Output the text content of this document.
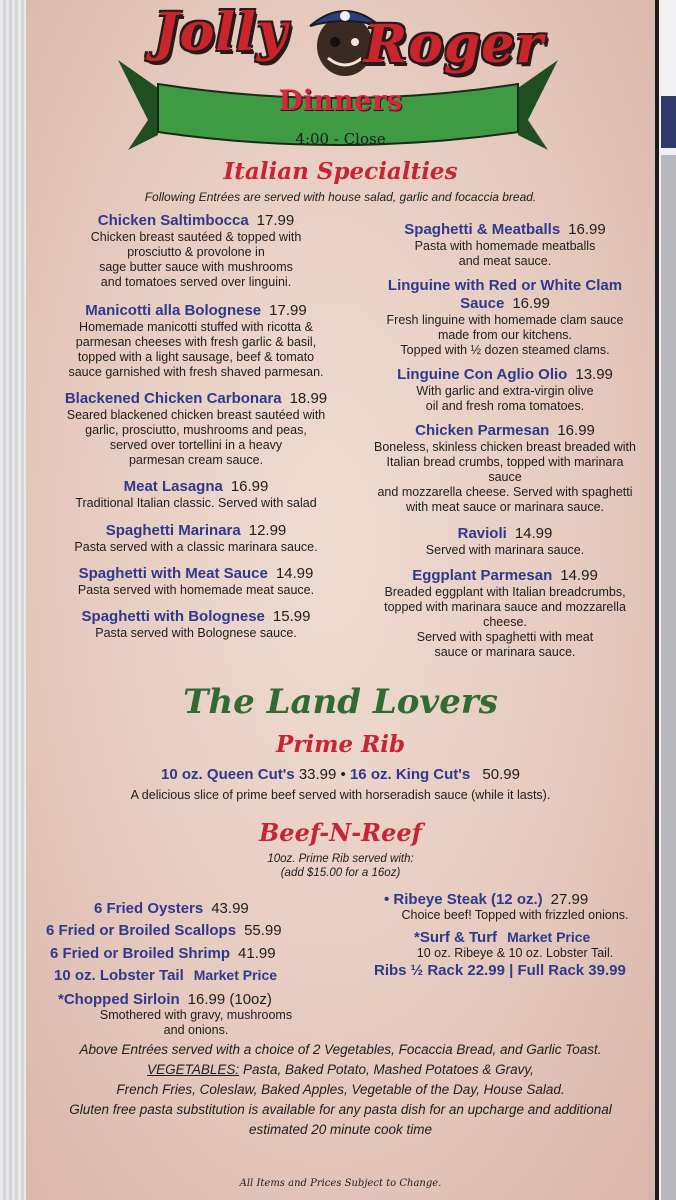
Jolly Roger
Dinners
4:00 - Close
Italian Specialties
Following Entrées are served with house salad, garlic and focaccia bread.
Chicken Saltimbocca 17.99
Chicken breast sautéed & topped with
prosciutto & provolone in
sage butter sauce with mushrooms
and tomatoes served over linguini.
Manicotti alla Bolognese 17.99
Homemade manicotti stuffed with ricotta &
parmesan cheeses with fresh garlic & basil,
topped with a light sausage, beef & tomato
sauce garnished with fresh shaved parmesan.
Blackened Chicken Carbonara 18.99
Seared blackened chicken breast sautéed with
garlic, prosciutto, mushrooms and peas,
served over tortellini in a heavy
parmesan cream sauce.
Meat Lasagna 16.99
Traditional Italian classic. Served with salad
Spaghetti Marinara 12.99
Pasta served with a classic marinara sauce.
Spaghetti with Meat Sauce 14.99
Pasta served with homemade meat sauce.
Spaghetti with Bolognese 15.99
Pasta served with Bolognese sauce.
Spaghetti & Meatballs 16.99
Pasta with homemade meatballs
and meat sauce.
Linguine with Red or White Clam
Sauce 16.99
Fresh linguine with homemade clam sauce
made from our kitchens.
Topped with ½ dozen steamed clams.
Linguine Con Aglio Olio 13.99
With garlic and extra-virgin olive
oil and fresh roma tomatoes.
Chicken Parmesan 16.99
Boneless, skinless chicken breast breaded with
Italian bread crumbs, topped with marinara
sauce
and mozzarella cheese. Served with spaghetti
with meat sauce or marinara sauce.
Ravioli 14.99
Served with marinara sauce.
Eggplant Parmesan 14.99
Breaded eggplant with Italian breadcrumbs,
topped with marinara sauce and mozzarella
cheese.
Served with spaghetti with meat
sauce or marinara sauce.
The Land Lovers
Prime Rib
10 oz. Queen Cut's 33.99 • 16 oz. King Cut's 50.99
A delicious slice of prime beef served with horseradish sauce (while it lasts).
Beef-N-Reef
10oz. Prime Rib served with:
(add $15.00 for a 16oz)
6 Fried Oysters 43.99
6 Fried or Broiled Scallops 55.99
6 Fried or Broiled Shrimp 41.99
10 oz. Lobster Tail Market Price
*Chopped Sirloin 16.99 (10oz)
Smothered with gravy, mushrooms
and onions.
• Ribeye Steak (12 oz.) 27.99
Choice beef! Topped with frizzled onions.
*Surf & Turf Market Price
10 oz. Ribeye & 10 oz. Lobster Tail.
Ribs ½ Rack 22.99 | Full Rack 39.99
Above Entrées served with a choice of 2 Vegetables, Focaccia Bread, and Garlic Toast.
VEGETABLES: Pasta, Baked Potato, Mashed Potatoes & Gravy,
French Fries, Coleslaw, Baked Apples, Vegetable of the Day, House Salad.
Gluten free pasta substitution is available for any pasta dish for an upcharge and additional
estimated 20 minute cook time
All Items and Prices Subject to Change.
